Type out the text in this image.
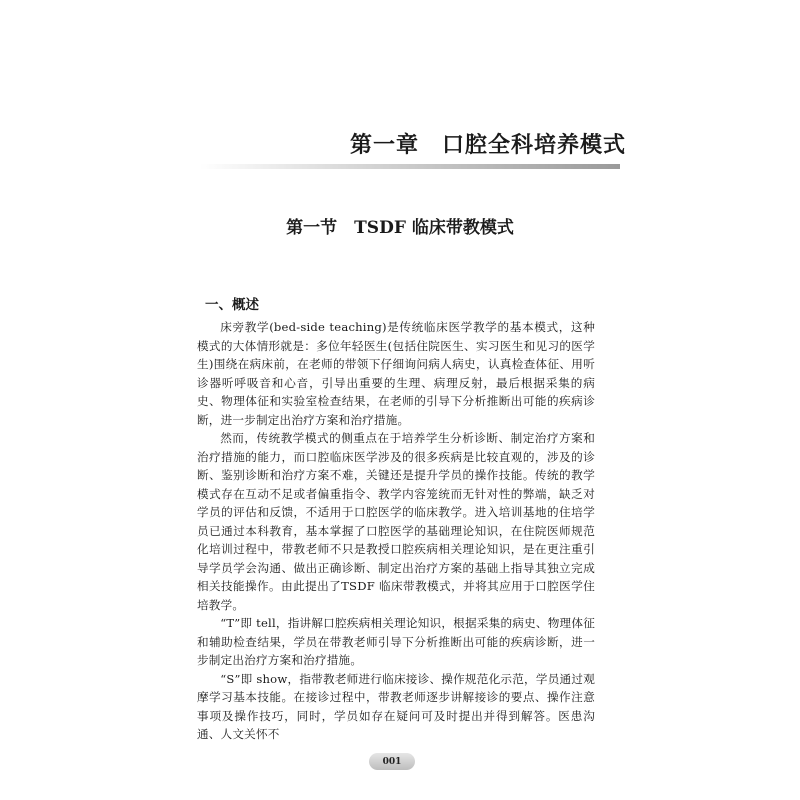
第一章　口腔全科培养模式
第一节　TSDF 临床带教模式
一、概述

床旁教学(bed-side teaching)是传统临床医学教学的基本模式，这种模式的大体情形就是：多位年轻医生(包括住院医生、实习医生和见习的医学生)围绕在病床前，在老师的带领下仔细询问病人病史，认真检查体征、用听诊器听呼吸音和心音，引导出重要的生理、病理反射，最后根据采集的病史、物理体征和实验室检查结果，在老师的引导下分析推断出可能的疾病诊断，进一步制定出治疗方案和治疗措施。

然而，传统教学模式的侧重点在于培养学生分析诊断、制定治疗方案和治疗措施的能力，而口腔临床医学涉及的很多疾病是比较直观的，涉及的诊断、鉴别诊断和治疗方案不难，关键还是提升学员的操作技能。传统的教学模式存在互动不足或者偏重指令、教学内容笼统而无针对性的弊端，缺乏对学员的评估和反馈，不适用于口腔医学的临床教学。进入培训基地的住培学员已通过本科教育，基本掌握了口腔医学的基础理论知识，在住院医师规范化培训过程中，带教老师不只是教授口腔疾病相关理论知识，是在更注重引导学员学会沟通、做出正确诊断、制定出治疗方案的基础上指导其独立完成相关技能操作。由此提出了TSDF 临床带教模式，并将其应用于口腔医学住培教学。

“T”即 tell，指讲解口腔疾病相关理论知识，根据采集的病史、物理体征和辅助检查结果，学员在带教老师引导下分析推断出可能的疾病诊断，进一步制定出治疗方案和治疗措施。

“S”即 show，指带教老师进行临床接诊、操作规范化示范，学员通过观摩学习基本技能。在接诊过程中，带教老师逐步讲解接诊的要点、操作注意事项及操作技巧，同时，学员如存在疑问可及时提出并得到解答。医患沟通、人文关怀不

001
